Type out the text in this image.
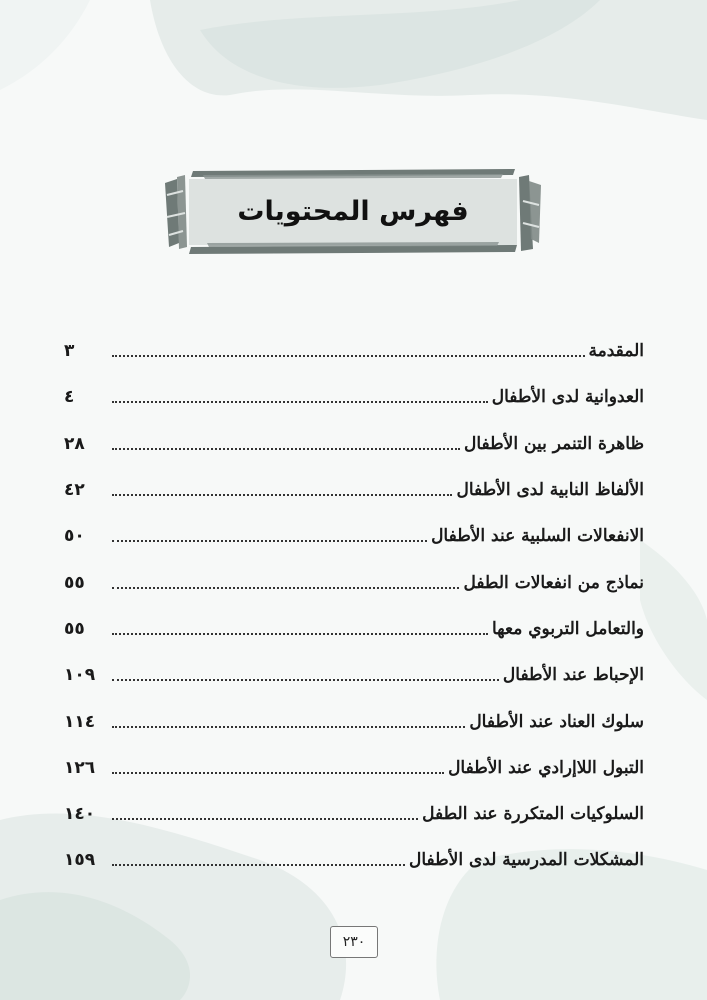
فهرس المحتويات
المقدمة
٣
العدوانية لدى الأطفال
٤
ظاهرة التنمر بين الأطفال
٢٨
الألفاظ النابية لدى الأطفال
٤٢
الانفعالات السلبية عند الأطفال
٥٠
نماذج من انفعالات الطفل
٥٥
والتعامل التربوي معها
٥٥
الإحباط عند الأطفال
١٠٩
سلوك العناد عند الأطفال
١١٤
التبول اللاإرادي عند الأطفال
١٢٦
السلوكيات المتكررة عند الطفل
١٤٠
المشكلات المدرسية لدى الأطفال
١٥٩
٢٣٠
